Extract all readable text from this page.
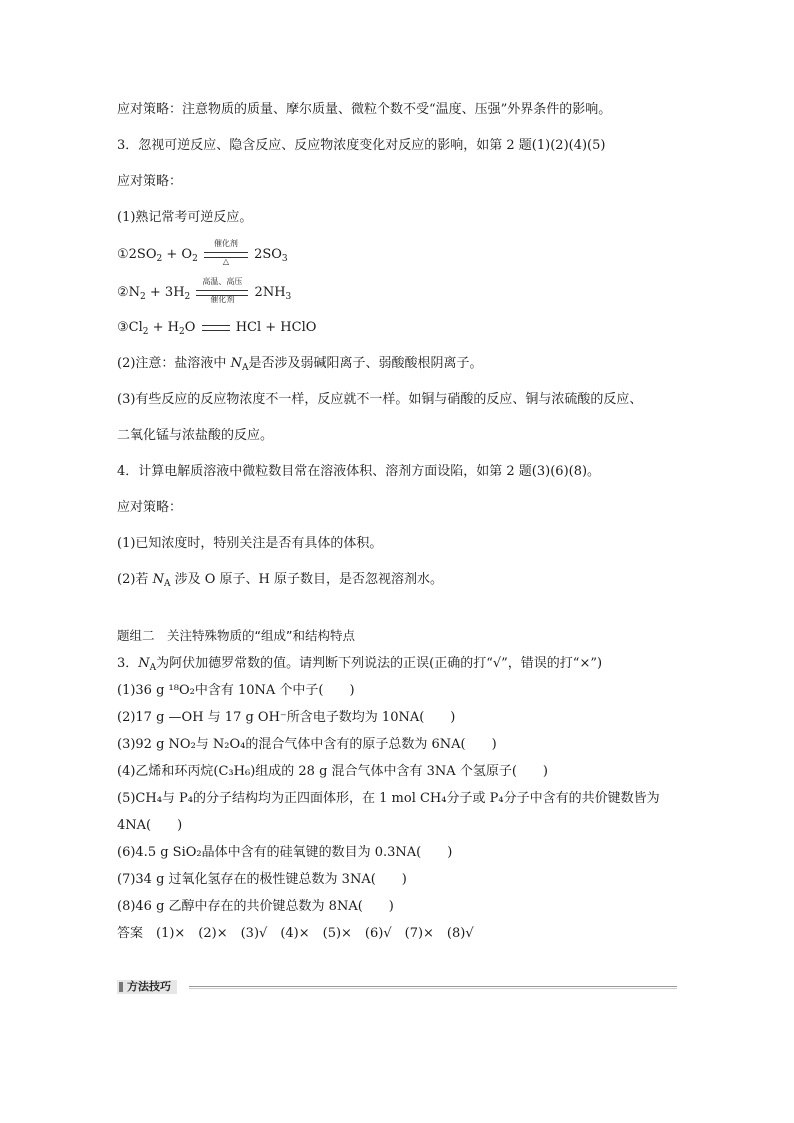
应对策略：注意物质的质量、摩尔质量、微粒个数不受“温度、压强”外界条件的影响。
3．忽视可逆反应、隐含反应、反应物浓度变化对反应的影响，如第 2 题(1)(2)(4)(5)
应对策略：
(1)熟记常考可逆反应。
$①2SO_2 + O_2$
催化剂
△	$2SO_3$
$②N_2 + 3H_2$
高温、高压
催化剂	$2NH_3$
$③Cl_2 + H_2O$	HCl + HClO
(2)注意：盐溶液中 $N_A$是否涉及弱碱阳离子、弱酸酸根阴离子。
(3)有些反应的反应物浓度不一样，反应就不一样。如铜与硝酸的反应、铜与浓硫酸的反应、
二氧化锰与浓盐酸的反应。
4．计算电解质溶液中微粒数目常在溶液体积、溶剂方面设陷，如第 2 题(3)(6)(8)。
应对策略：
(1)已知浓度时，特别关注是否有具体的体积。
(2)若 $N_A$ 涉及 O 原子、H 原子数目，是否忽视溶剂水。
题组二　关注特殊物质的“组成”和结构特点
3．$N_A$为阿伏加德罗常数的值。请判断下列说法的正误(正确的打“√”，错误的打“×”)
(1)36 g ¹⁸O₂中含有 10NA 个中子(　　)
(2)17 g —OH 与 17 g OH⁻所含电子数均为 10NA(　　)
(3)92 g NO₂与 N₂O₄的混合气体中含有的原子总数为 6NA(　　)
(4)乙烯和环丙烷(C₃H₆)组成的 28 g 混合气体中含有 3NA 个氢原子(　　)
(5)CH₄与 P₄的分子结构均为正四面体形，在 1 mol CH₄分子或 P₄分子中含有的共价键数皆为
4NA(　　)
(6)4.5 g SiO₂晶体中含有的硅氧键的数目为 0.3NA(　　)
(7)34 g 过氧化氢存在的极性键总数为 3NA(　　)
(8)46 g 乙醇中存在的共价键总数为 8NA(　　)
答案　(1)×　(2)×　(3)√　(4)×　(5)×　(6)√　(7)×　(8)√
方法技巧
